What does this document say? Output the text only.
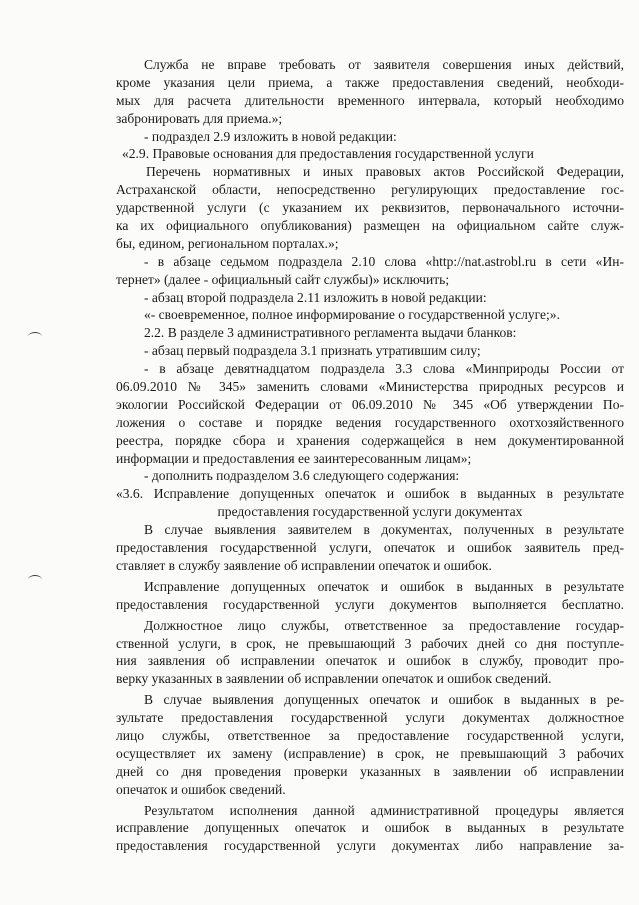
Служба не вправе требовать от заявителя совершения иных действий,
кроме указания цели приема, а также предоставления сведений, необходи-
мых для расчета длительности временного интервала, который необходимо
забронировать для приема.»;
- подраздел 2.9 изложить в новой редакции:
«2.9. Правовые основания для предоставления государственной услуги
Перечень нормативных и иных правовых актов Российской Федерации,
Астраханской области, непосредственно регулирующих предоставление гос-
ударственной услуги (с указанием их реквизитов, первоначального источни-
ка их официального опубликования) размещен на официальном сайте служ-
бы, едином, региональном порталах.»;
- в абзаце седьмом подраздела 2.10 слова «http://nat.astrobl.ru в сети «Ин-
тернет» (далее - официальный сайт службы)» исключить;
- абзац второй подраздела 2.11 изложить в новой редакции:
«- своевременное, полное информирование о государственной услуге;».
2.2. В разделе 3 административного регламента выдачи бланков:
- абзац первый подраздела 3.1 признать утратившим силу;
- в абзаце девятнадцатом подраздела 3.3 слова «Минприроды России от
06.09.2010 № 345» заменить словами «Министерства природных ресурсов и
экологии Российской Федерации от 06.09.2010 № 345 «Об утверждении По-
ложения о составе и порядке ведения государственного охотхозяйственного
реестра, порядке сбора и хранения содержащейся в нем документированной
информации и предоставления ее заинтересованным лицам»;
- дополнить подразделом 3.6 следующего содержания:
«3.6. Исправление допущенных опечаток и ошибок в выданных в результате
предоставления государственной услуги документах
В случае выявления заявителем в документах, полученных в результате
предоставления государственной услуги, опечаток и ошибок заявитель пред-
ставляет в службу заявление об исправлении опечаток и ошибок.
Исправление допущенных опечаток и ошибок в выданных в результате
предоставления государственной услуги документов выполняется бесплатно.
Должностное лицо службы, ответственное за предоставление государ-
ственной услуги, в срок, не превышающий 3 рабочих дней со дня поступле-
ния заявления об исправлении опечаток и ошибок в службу, проводит про-
верку указанных в заявлении об исправлении опечаток и ошибок сведений.
В случае выявления допущенных опечаток и ошибок в выданных в ре-
зультате предоставления государственной услуги документах должностное
лицо службы, ответственное за предоставление государственной услуги,
осуществляет их замену (исправление) в срок, не превышающий 3 рабочих
дней со дня проведения проверки указанных в заявлении об исправлении
опечаток и ошибок сведений.
Результатом исполнения данной административной процедуры является
исправление допущенных опечаток и ошибок в выданных в результате
предоставления государственной услуги документах либо направление за-
